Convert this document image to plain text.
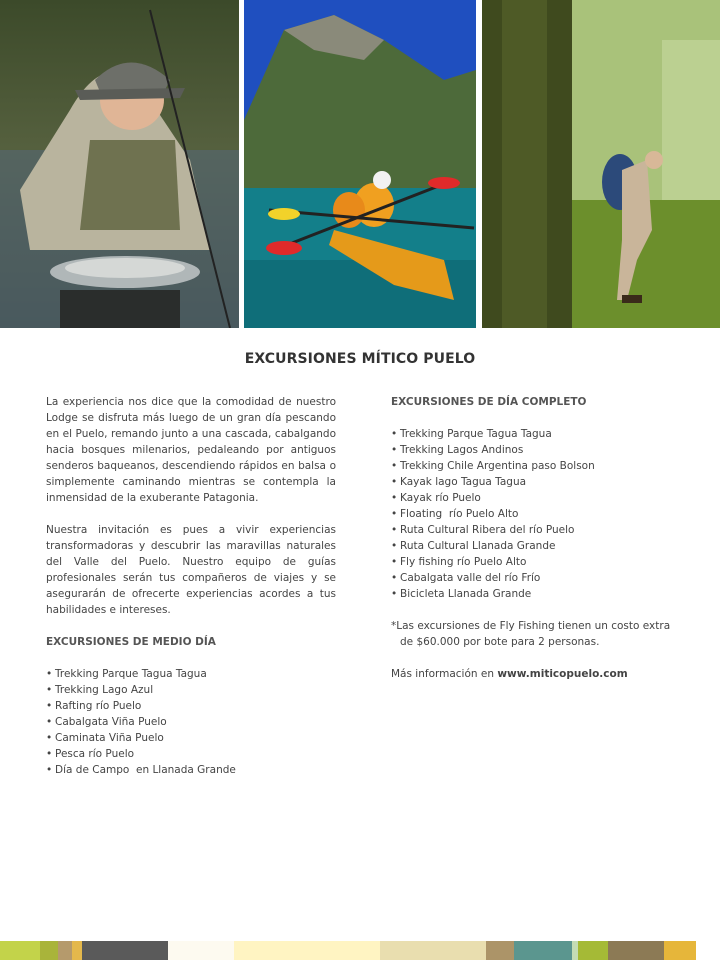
EXCURSIONES MÍTICO PUELO

La experiencia nos dice que la comodidad de nuestro Lodge se disfruta más luego de un gran día pescando en el Puelo, remando junto a una cascada, cabalgando hacia bosques milenarios, pedaleando por antiguos senderos baqueanos, descendiendo rápidos en balsa o simplemente caminando mientras se contempla la inmensidad de la exuberante Patagonia.

Nuestra invitación es pues a vivir experiencias transformadoras y descubrir las maravillas naturales del Valle del Puelo. Nuestro equipo de guías profesionales serán tus compañeros de viajes y se asegurarán de ofrecerte experiencias acordes a tus habilidades e intereses.

EXCURSIONES DE MEDIO DÍA
• Trekking Parque Tagua Tagua
• Trekking Lago Azul
• Rafting río Puelo
• Cabalgata Viña Puelo
• Caminata Viña Puelo
• Pesca río Puelo
• Día de Campo  en Llanada Grande
EXCURSIONES DE DÍA COMPLETO
• Trekking Parque Tagua Tagua
• Trekking Lagos Andinos
• Trekking Chile Argentina paso Bolson
• Kayak lago Tagua Tagua
• Kayak río Puelo
• Floating  río Puelo Alto
• Ruta Cultural Ribera del río Puelo
• Ruta Cultural Llanada Grande
• Fly fishing río Puelo Alto
• Cabalgata valle del río Frío
• Bicicleta Llanada Grande
*Las excursiones de Fly Fishing tienen un costo extra
de $60.000 por bote para 2 personas.
Más información en www.miticopuelo.com
